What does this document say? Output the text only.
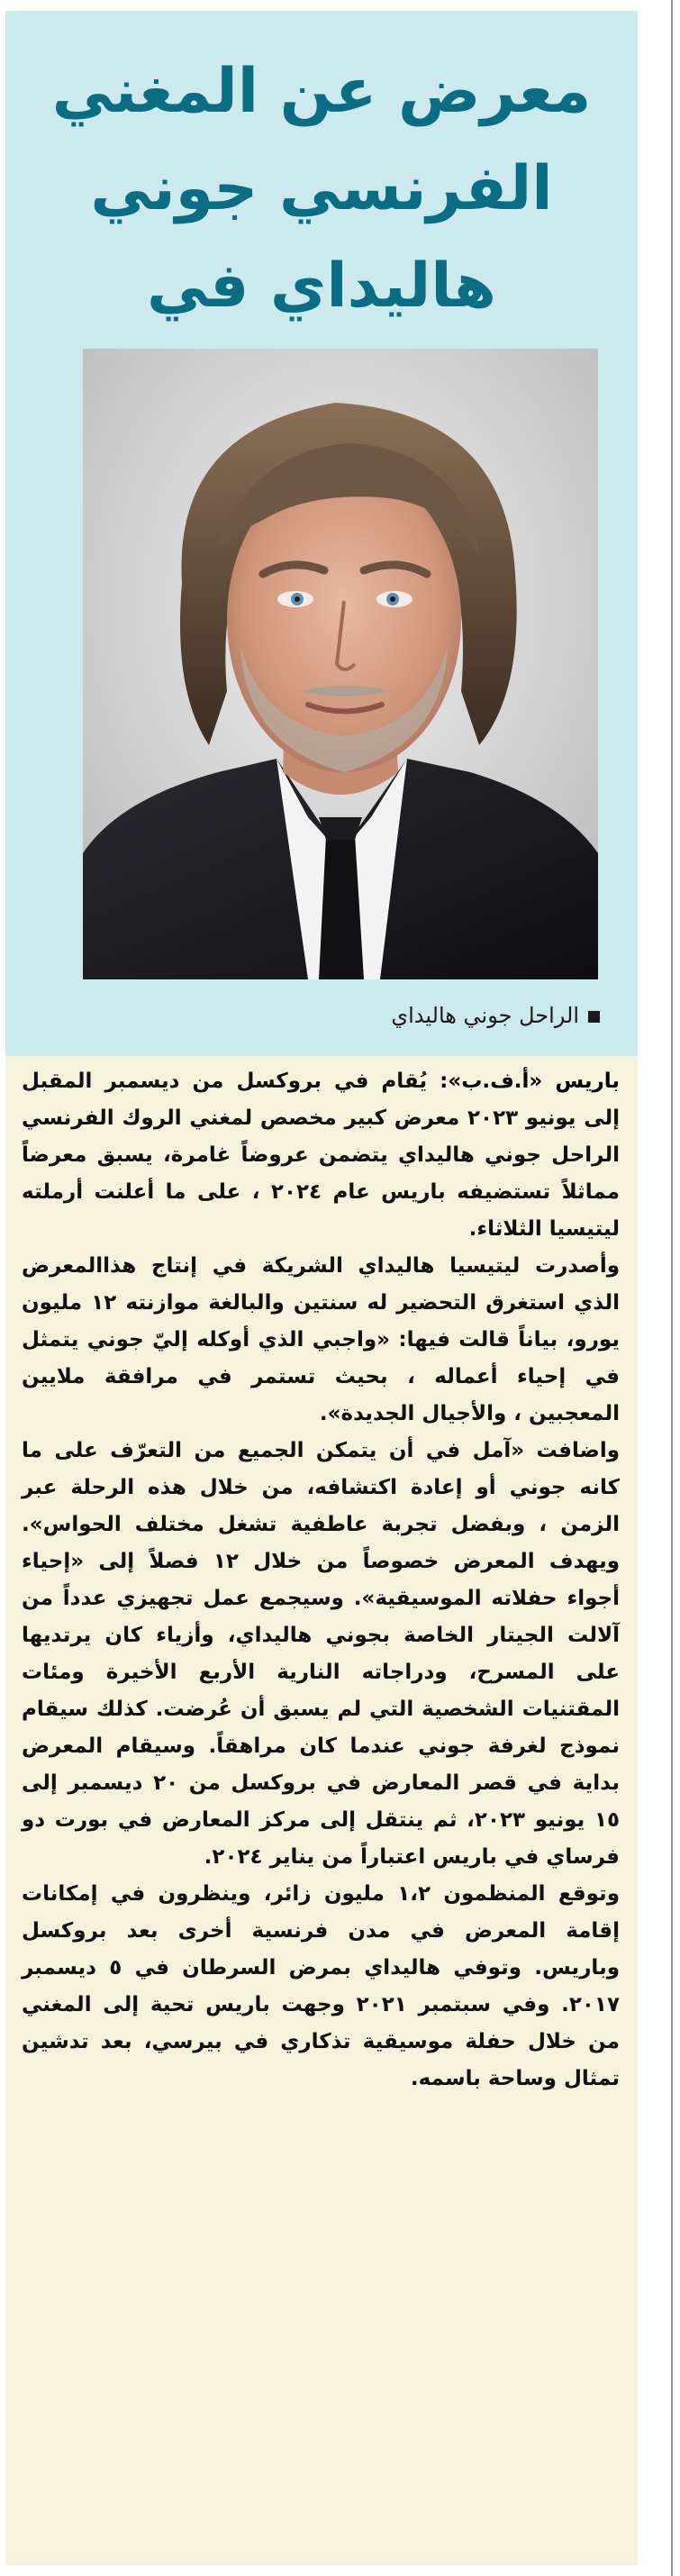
معرض عن المغني
الفرنسي جوني
هاليداي في
الراحل جوني هاليداي

باريس «أ.ف.ب»: يُقام في بروكسل من ديسمبر المقبل إلى يونيو ٢٠٢٣ معرض كبير مخصص لمغني الروك الفرنسي الراحل جوني هاليداي يتضمن عروضاً غامرة، يسبق معرضاً مماثلاً تستضيفه باريس عام ٢٠٢٤ ، على ما أعلنت أرملته ليتيسيا الثلاثاء.

وأصدرت ليتيسيا هاليداي الشريكة في إنتاج هذاالمعرض الذي استغرق التحضير له سنتين والبالغة موازنته ١٢ مليون يورو، بياناً قالت فيها: «واجبي الذي أوكله إليّ جوني يتمثل في إحياء أعماله ، بحيث تستمر في مرافقة ملايين المعجبين ، والأجيال الجديدة».

واضافت «آمل في أن يتمكن الجميع من التعرّف على ما كانه جوني أو إعادة اكتشافه، من خلال هذه الرحلة عبر الزمن ، وبفضل تجربة عاطفية تشغل مختلف الحواس». ويهدف المعرض خصوصاً من خلال ١٢ فصلاً إلى «إحياء أجواء حفلاته الموسيقية». وسيجمع عمل تجهيزي عدداً من آلالت الجيتار الخاصة بجوني هاليداي، وأزياء كان يرتديها على المسرح، ودراجاته النارية الأربع الأخيرة ومئات المقتنيات الشخصية التي لم يسبق أن عُرضت. كذلك سيقام نموذج لغرفة جوني عندما كان مراهقاً. وسيقام المعرض بداية في قصر المعارض في بروكسل من ٢٠ ديسمبر إلى ١٥ يونيو ٢٠٢٣، ثم ينتقل إلى مركز المعارض في بورت دو فرساي في باريس اعتباراً من يناير ٢٠٢٤.

وتوقع المنظمون ١،٢ مليون زائر، وينظرون في إمكانات إقامة المعرض في مدن فرنسية أخرى بعد بروكسل وباريس. وتوفي هاليداي بمرض السرطان في ٥ ديسمبر ٢٠١٧. وفي سبتمبر ٢٠٢١ وجهت باريس تحية إلى المغني من خلال حفلة موسيقية تذكاري في بيرسي، بعد تدشين تمثال وساحة باسمه.
